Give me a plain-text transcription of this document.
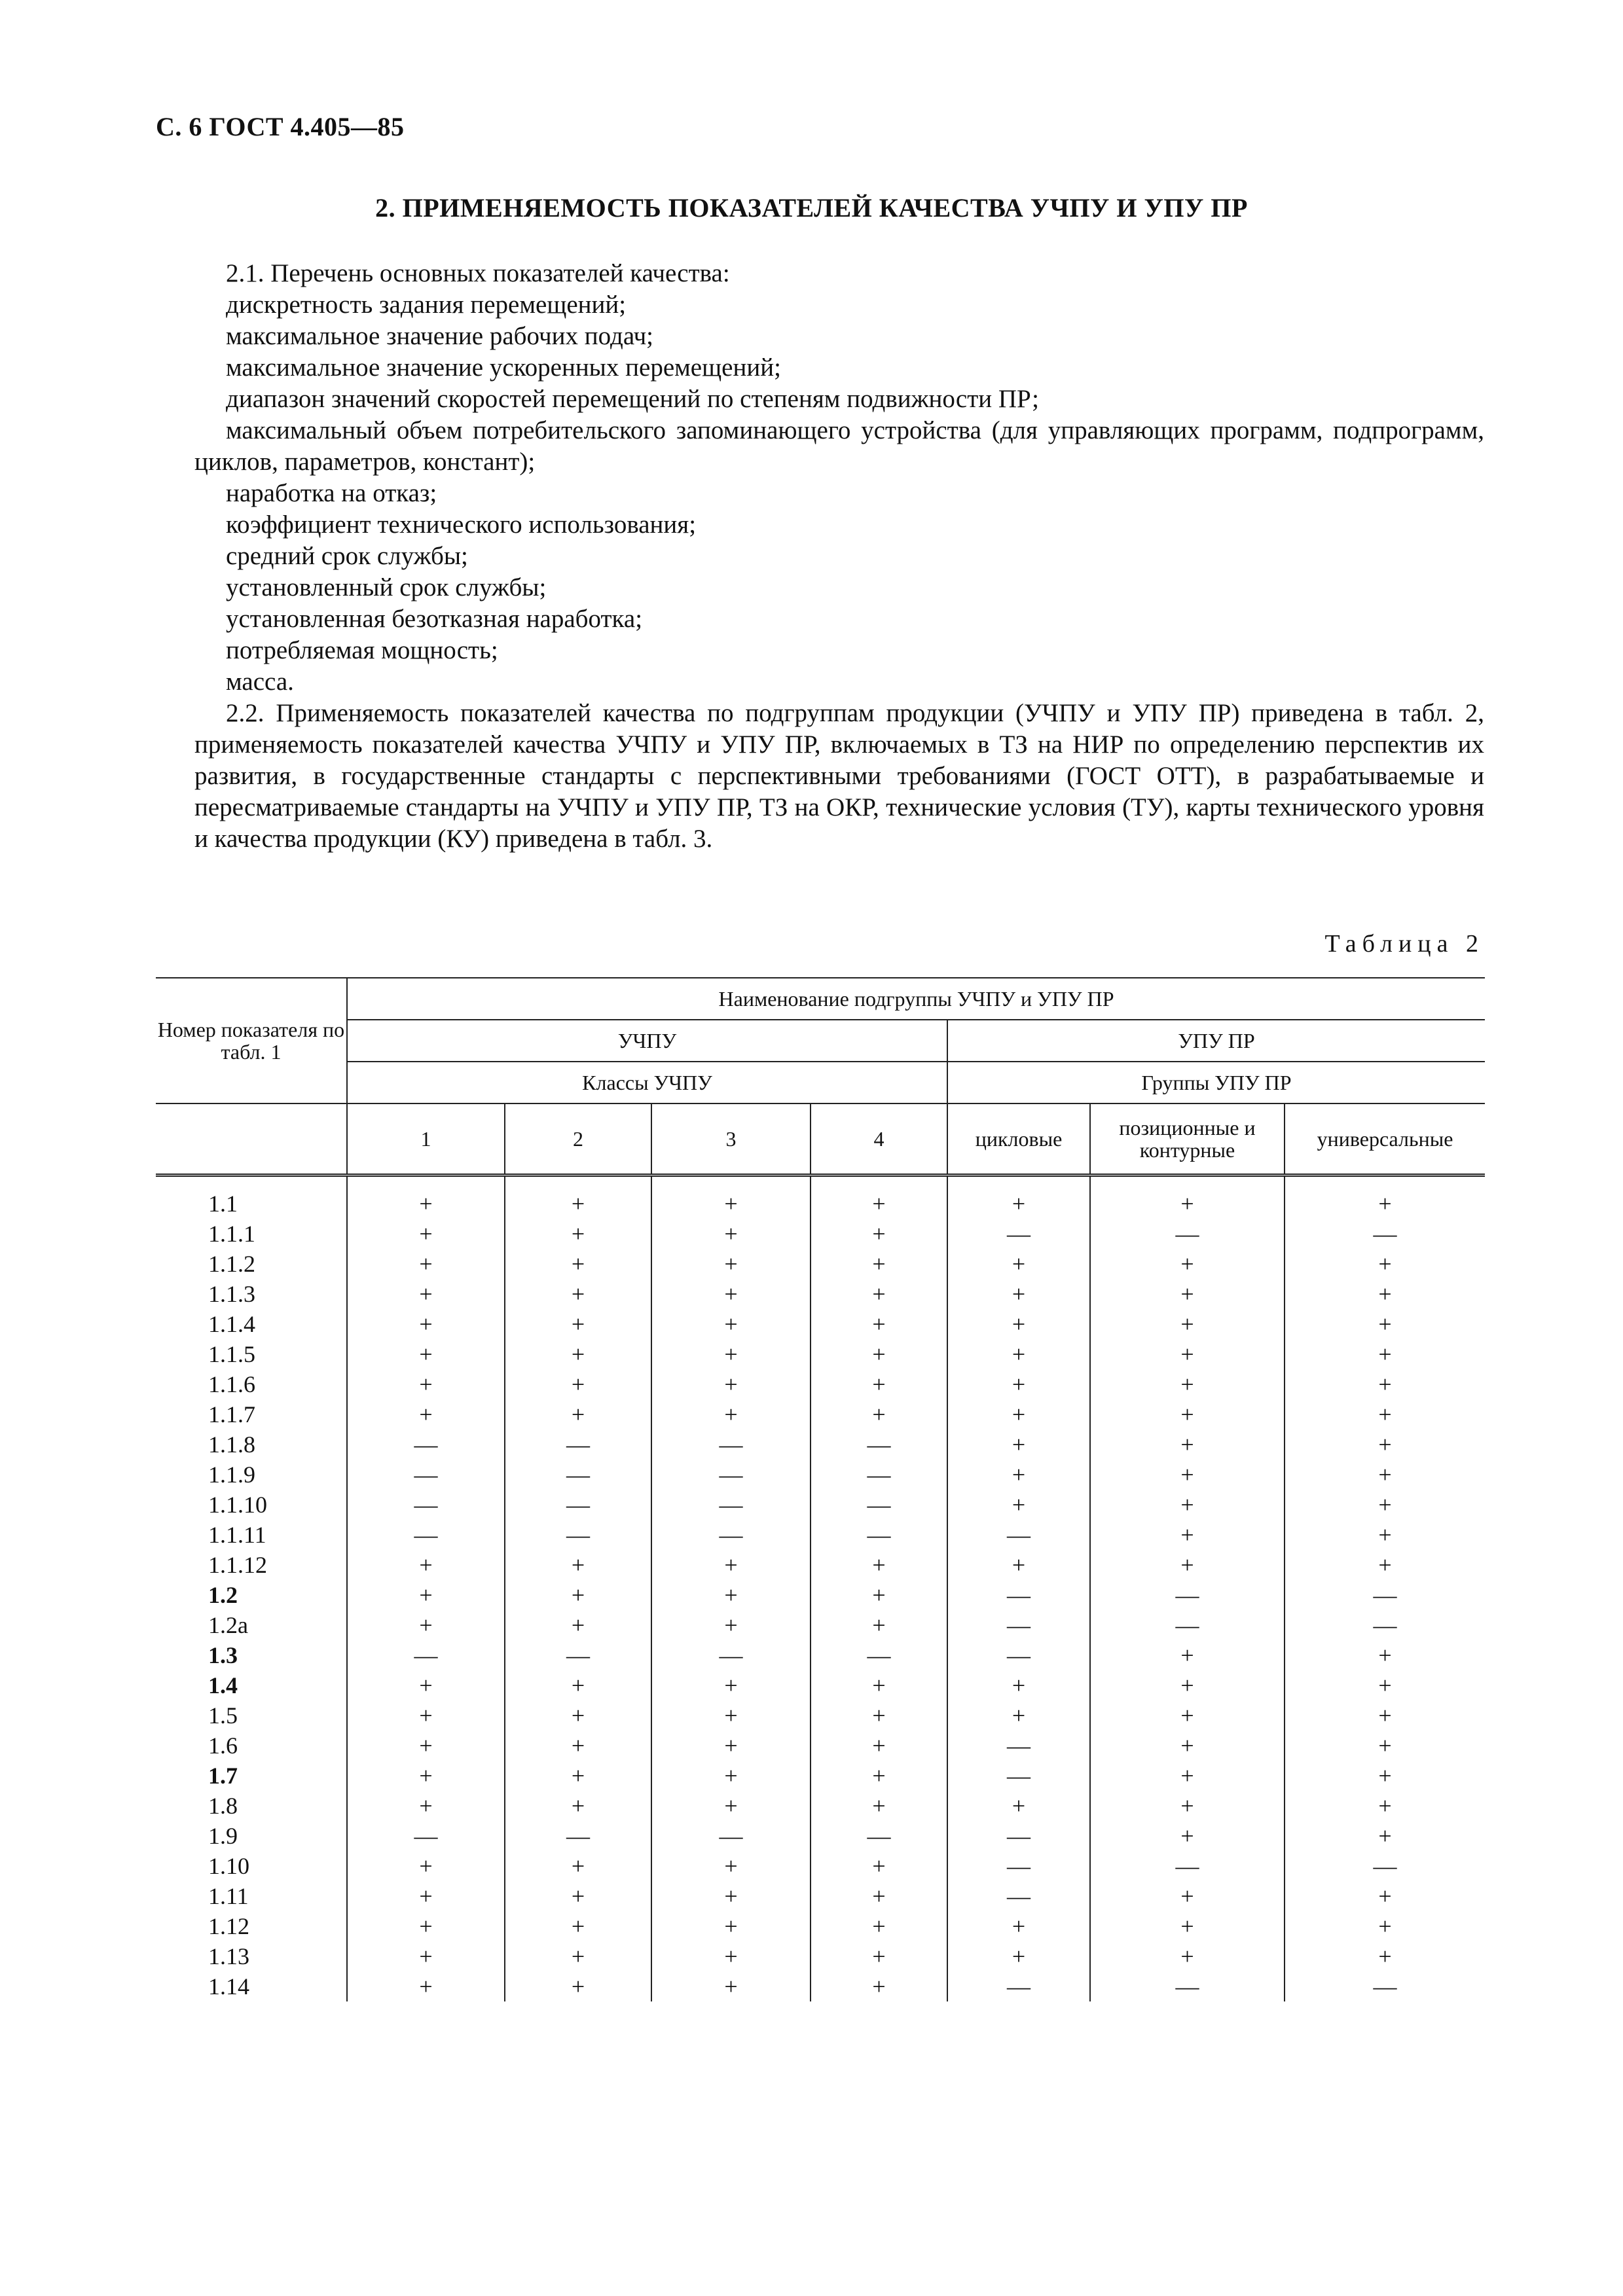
С. 6 ГОСТ 4.405—85
2. ПРИМЕНЯЕМОСТЬ ПОКАЗАТЕЛЕЙ КАЧЕСТВА УЧПУ И УПУ ПР
2.1. Перечень основных показателей качества:
дискретность задания перемещений;
максимальное значение рабочих подач;
максимальное значение ускоренных перемещений;
диапазон значений скоростей перемещений по степеням подвижности ПР;
максимальный объем потребительского запоминающего устройства (для управляющих программ, подпрограмм, циклов, параметров, констант);
наработка на отказ;
коэффициент технического использования;
средний срок службы;
установленный срок службы;
установленная безотказная наработка;
потребляемая мощность;
масса.
2.2. Применяемость показателей качества по подгруппам продукции (УЧПУ и УПУ ПР) приведена в табл. 2, применяемость показателей качества УЧПУ и УПУ ПР, включаемых в ТЗ на НИР по определению перспектив их развития, в государственные стандарты с перспективными требованиями (ГОСТ ОТТ), в разрабатываемые и пересматриваемые стандарты на УЧПУ и УПУ ПР, ТЗ на ОКР, технические условия (ТУ), карты технического уровня и качества продукции (КУ) приведена в табл. 3.
Таблица 2
Номер показателя по табл. 1	Наименование подгруппы УЧПУ и УПУ ПР						
	УЧПУ				УПУ ПР		
	Классы УЧПУ				Группы УПУ ПР		
	1	2	3	4	цикловые	позиционные и контурные	универсальные
1.1	+	+	+	+	+	+	+
1.1.1	+	+	+	+	—	—	—
1.1.2	+	+	+	+	+	+	+
1.1.3	+	+	+	+	+	+	+
1.1.4	+	+	+	+	+	+	+
1.1.5	+	+	+	+	+	+	+
1.1.6	+	+	+	+	+	+	+
1.1.7	+	+	+	+	+	+	+
1.1.8	—	—	—	—	+	+	+
1.1.9	—	—	—	—	+	+	+
1.1.10	—	—	—	—	+	+	+
1.1.11	—	—	—	—	—	+	+
1.1.12	+	+	+	+	+	+	+
1.2	+	+	+	+	—	—	—
1.2а	+	+	+	+	—	—	—
1.3	—	—	—	—	—	+	+
1.4	+	+	+	+	+	+	+
1.5	+	+	+	+	+	+	+
1.6	+	+	+	+	—	+	+
1.7	+	+	+	+	—	+	+
1.8	+	+	+	+	+	+	+
1.9	—	—	—	—	—	+	+
1.10	+	+	+	+	—	—	—
1.11	+	+	+	+	—	+	+
1.12	+	+	+	+	+	+	+
1.13	+	+	+	+	+	+	+
1.14	+	+	+	+	—	—	—
